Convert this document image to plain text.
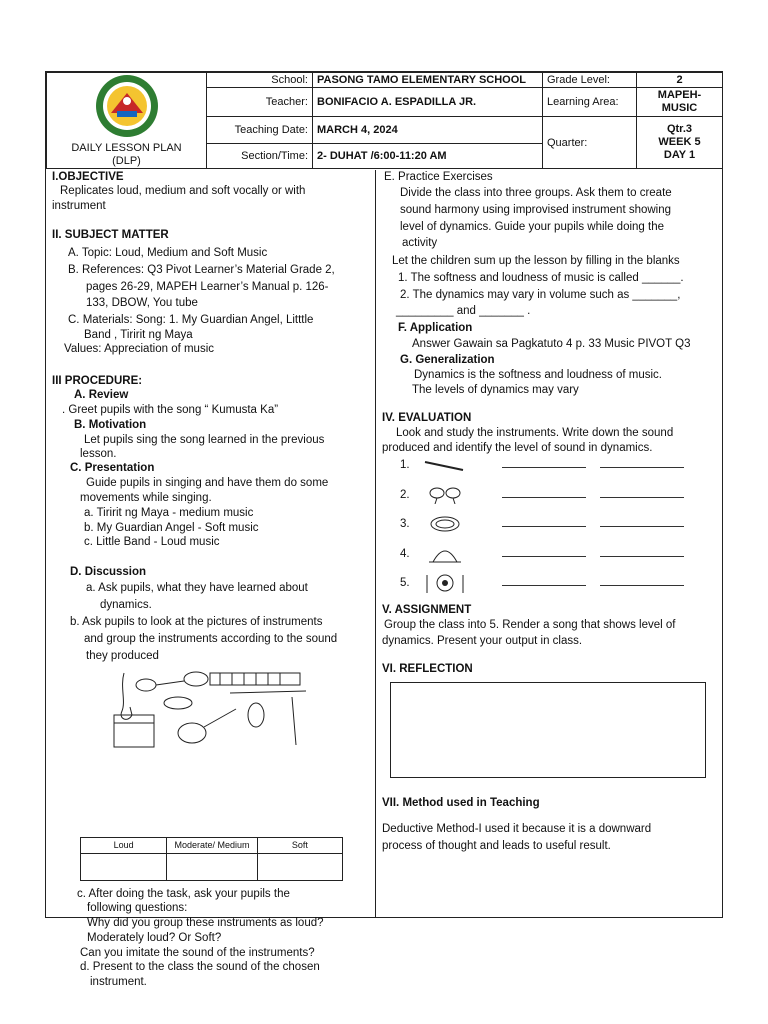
DAILY LESSON PLAN
(DLP)	School:	PASONG TAMO ELEMENTARY SCHOOL	Grade Level:	2
	Teacher:	BONIFACIO A. ESPADILLA JR.	Learning Area:	MAPEH-
MUSIC

	Teaching Date:	MARCH 4, 2024	Quarter:	Qtr.3
WEEK 5
DAY 1

	Section/Time:	2- DUHAT /6:00-11:20 AM		
I.OBJECTIVE
Replicates loud, medium and soft vocally or with
instrument
II. SUBJECT MATTER
A. Topic: Loud, Medium and Soft Music
B. References: Q3 Pivot Learner’s Material Grade 2,
pages 26-29, MAPEH Learner’s Manual p. 126-
133, DBOW, You tube
C. Materials: Song: 1. My Guardian Angel, Litttle
Band , Tiririt ng Maya
Values: Appreciation of music
III PROCEDURE:
A. Review
. Greet pupils with the song “ Kumusta Ka”
B. Motivation
Let pupils sing the song learned in the previous
lesson.
C. Presentation
Guide pupils in singing and have them do some
movements while singing.
a. Tiririt ng Maya - medium music
b. My Guardian Angel - Soft music
c. Little Band - Loud music
D. Discussion
a. Ask pupils, what they have learned about
dynamics.
b. Ask pupils to look at the pictures of instruments
and group the instruments according to the sound
they produced
Loud	Moderate/ Medium	Soft

c. After doing the task, ask your pupils the
following questions:
Why did you group these instruments as loud?
Moderately loud? Or Soft?
Can you imitate the sound of the instruments?
d. Present to the class the sound of the chosen
instrument.
E. Practice Exercises
Divide the class into three groups. Ask them to create
sound harmony using improvised instrument showing
level of dynamics. Guide your pupils while doing the
activity
Let the children sum up the lesson by filling in the blanks
1. The softness and loudness of music is called ______.
2. The dynamics may vary in volume such as _______,
_________ and _______ .
F. Application
Answer Gawain sa Pagkatuto 4 p. 33 Music PIVOT Q3
G. Generalization
Dynamics is the softness and loudness of music.
The levels of dynamics may vary
IV. EVALUATION
Look and study the instruments. Write down the sound
produced and identify the level of sound in dynamics.
1.
2.
3.
4.
5.
V. ASSIGNMENT
Group the class into 5. Render a song that shows level of
dynamics. Present your output in class.
VI. REFLECTION
VII. Method used in Teaching
Deductive Method-I used it because it is a downward
process of thought and leads to useful result.
